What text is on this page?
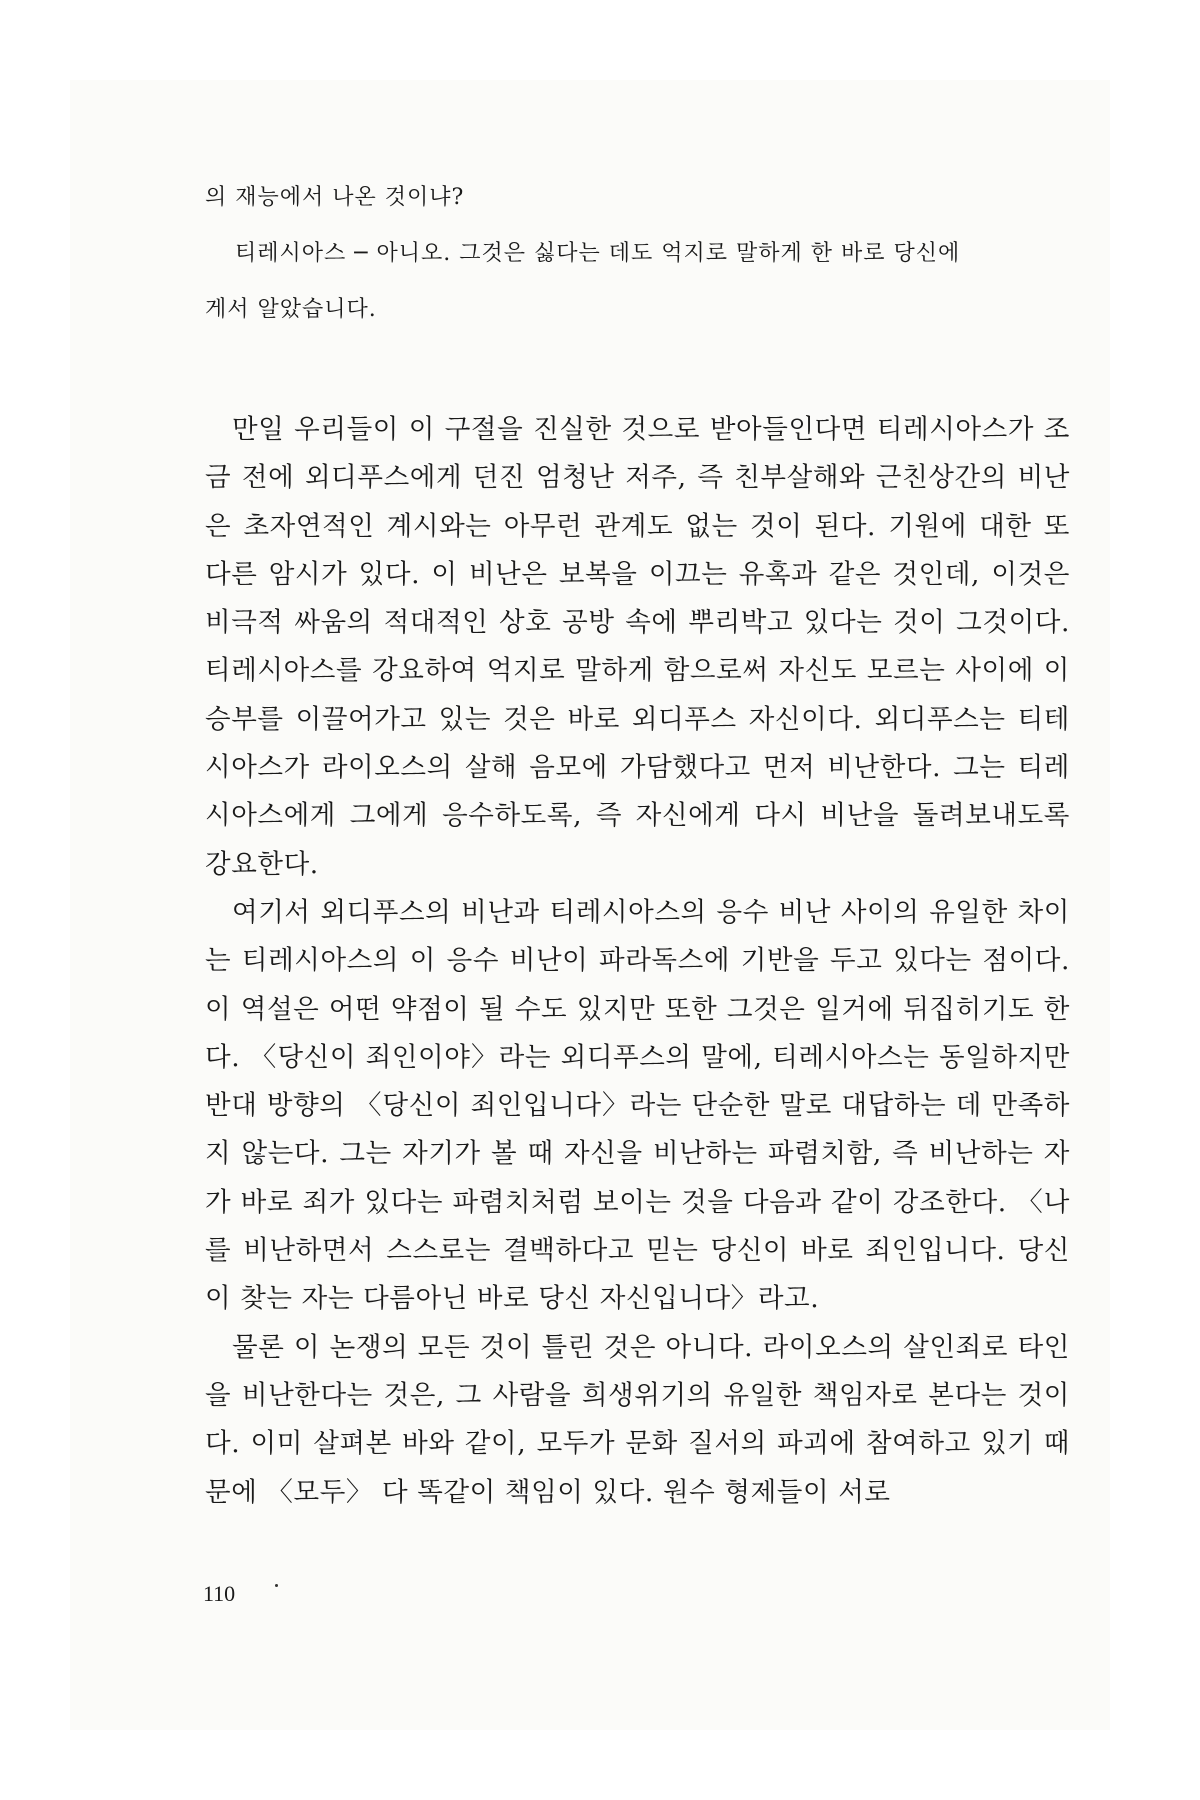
의 재능에서 나온 것이냐?
티레시아스 ─ 아니오. 그것은 싫다는 데도 억지로 말하게 한 바로 당신에
게서 알았습니다.

만일 우리들이 이 구절을 진실한 것으로 받아들인다면 티레시아스가 조금 전에 외디푸스에게 던진 엄청난 저주, 즉 친부살해와 근친상간의 비난은 초자연적인 계시와는 아무런 관계도 없는 것이 된다. 기원에 대한 또 다른 암시가 있다. 이 비난은 보복을 이끄는 유혹과 같은 것인데, 이것은 비극적 싸움의 적대적인 상호 공방 속에 뿌리박고 있다는 것이 그것이다. 티레시아스를 강요하여 억지로 말하게 함으로써 자신도 모르는 사이에 이 승부를 이끌어가고 있는 것은 바로 외디푸스 자신이다. 외디푸스는 티테시아스가 라이오스의 살해 음모에 가담했다고 먼저 비난한다. 그는 티레시아스에게 그에게 응수하도록, 즉 자신에게 다시 비난을 돌려보내도록 강요한다.

여기서 외디푸스의 비난과 티레시아스의 응수 비난 사이의 유일한 차이는 티레시아스의 이 응수 비난이 파라독스에 기반을 두고 있다는 점이다. 이 역설은 어떤 약점이 될 수도 있지만 또한 그것은 일거에 뒤집히기도 한다. 〈당신이 죄인이야〉라는 외디푸스의 말에, 티레시아스는 동일하지만 반대 방향의 〈당신이 죄인입니다〉라는 단순한 말로 대답하는 데 만족하지 않는다. 그는 자기가 볼 때 자신을 비난하는 파렴치함, 즉 비난하는 자가 바로 죄가 있다는 파렴치처럼 보이는 것을 다음과 같이 강조한다. 〈나를 비난하면서 스스로는 결백하다고 믿는 당신이 바로 죄인입니다. 당신이 찾는 자는 다름아닌 바로 당신 자신입니다〉라고.

물론 이 논쟁의 모든 것이 틀린 것은 아니다. 라이오스의 살인죄로 타인을 비난한다는 것은, 그 사람을 희생위기의 유일한 책임자로 본다는 것이다. 이미 살펴본 바와 같이, 모두가 문화 질서의 파괴에 참여하고 있기 때문에 〈모두〉 다 똑같이 책임이 있다. 원수 형제들이 서로

110
